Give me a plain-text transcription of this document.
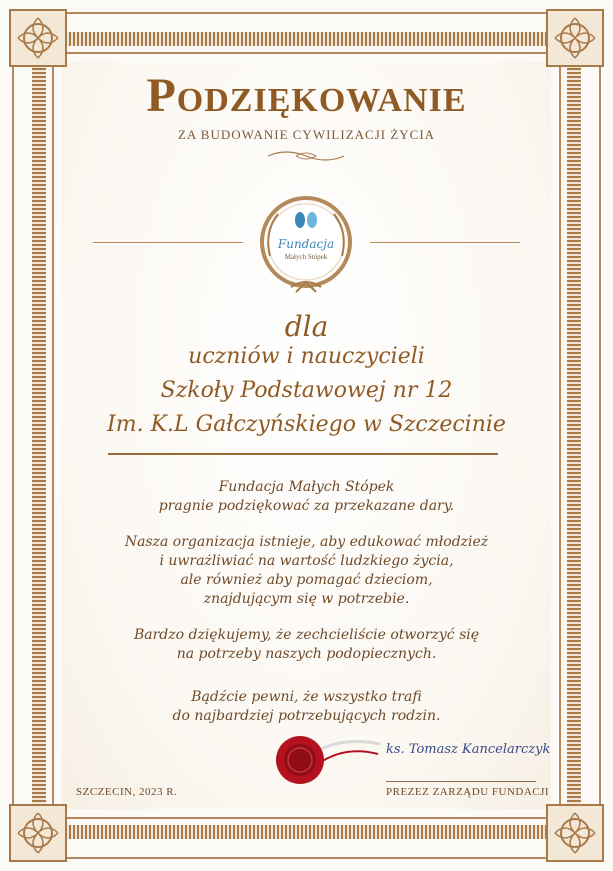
Podziękowanie
ZA BUDOWANIE CYWILIZACJI ŻYCIA
Fundacja
Małych Stópek
dla
uczniów i nauczycieli
Szkoły Podstawowej nr 12
Im. K.L Gałczyńskiego w Szczecinie
Fundacja Małych Stópek
pragnie podziękować za przekazane dary.
Nasza organizacja istnieje, aby edukować młodzież
i uwrażliwiać na wartość ludzkiego życia,
ale również aby pomagać dzieciom,
znajdującym się w potrzebie.
Bardzo dziękujemy, że zechcieliście otworzyć się
na potrzeby naszych podopiecznych.
Bądźcie pewni, że wszystko trafi
do najbardziej potrzebujących rodzin.
ks. Tomasz Kancelarczyk
SZCZECIN, 2023 R.	PREZEZ ZARZĄDU FUNDACJI
